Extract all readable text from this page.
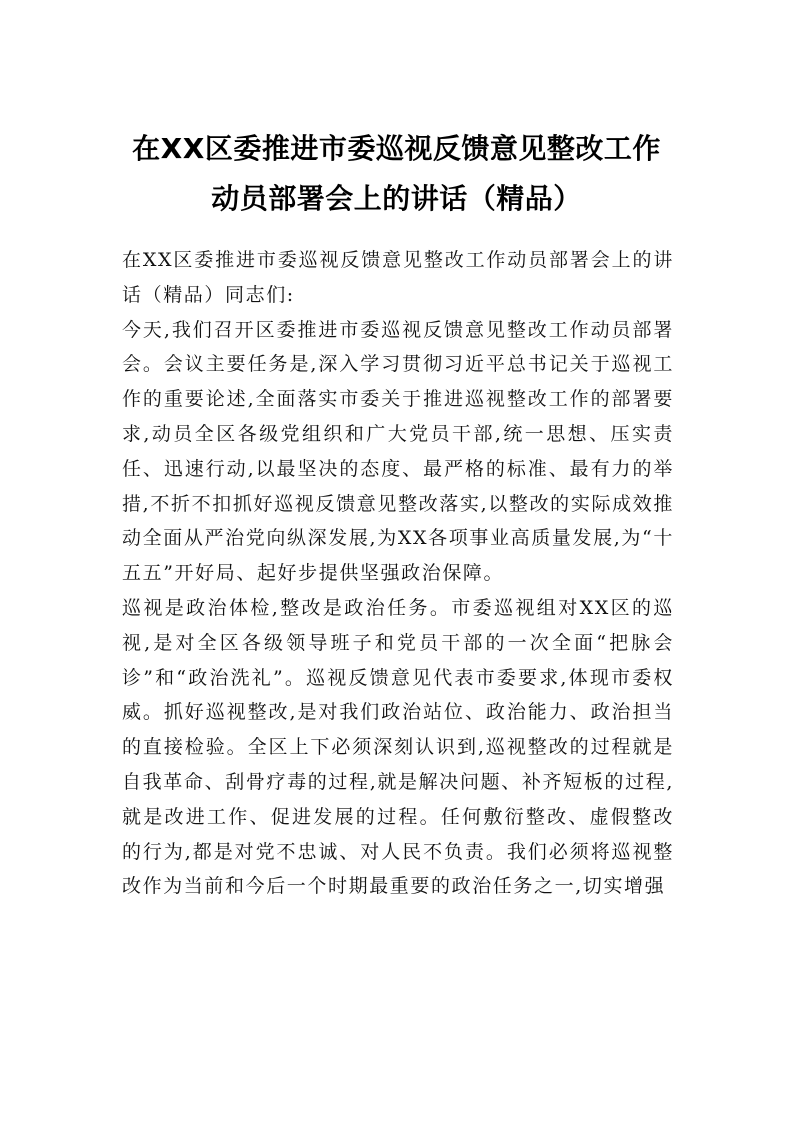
在XX区委推进市委巡视反馈意见整改工作
动员部署会上的讲话（精品）

在XX区委推进市委巡视反馈意见整改工作动员部署会上的讲话（精品）同志们:

今天,我们召开区委推进市委巡视反馈意见整改工作动员部署会。会议主要任务是,深入学习贯彻习近平总书记关于巡视工作的重要论述,全面落实市委关于推进巡视整改工作的部署要求,动员全区各级党组织和广大党员干部,统一思想、压实责任、迅速行动,以最坚决的态度、最严格的标准、最有力的举措,不折不扣抓好巡视反馈意见整改落实,以整改的实际成效推动全面从严治党向纵深发展,为XX各项事业高质量发展,为“十五五”开好局、起好步提供坚强政治保障。

巡视是政治体检,整改是政治任务。市委巡视组对XX区的巡视,是对全区各级领导班子和党员干部的一次全面“把脉会诊”和“政治洗礼”。巡视反馈意见代表市委要求,体现市委权威。抓好巡视整改,是对我们政治站位、政治能力、政治担当的直接检验。全区上下必须深刻认识到,巡视整改的过程就是自我革命、刮骨疗毒的过程,就是解决问题、补齐短板的过程,就是改进工作、促进发展的过程。任何敷衍整改、虚假整改的行为,都是对党不忠诚、对人民不负责。我们必须将巡视整改作为当前和今后一个时期最重要的政治任务之一,切实增强
